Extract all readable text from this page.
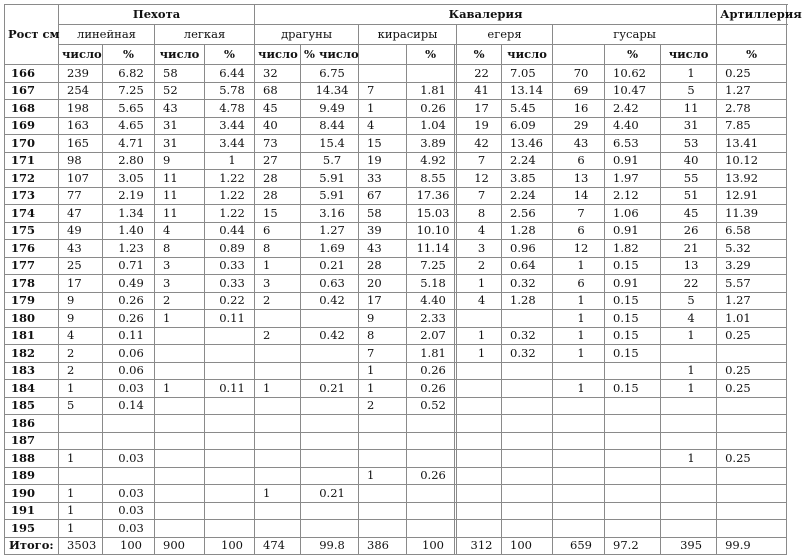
Рост см	Пехота				Кавалерия										Артиллерия
	линейная		легкая		драгуны		кирасиры			егеря		гусары			
	число	%	число	%	число	% число		%		%	число		%	число	%
166	239	6.82	58	6.44	32	6.75				22	7.05	70	10.62	1	0.25
167	254	7.25	52	5.78	68	14.34	7	1.81		41	13.14	69	10.47	5	1.27
168	198	5.65	43	4.78	45	9.49	1	0.26		17	5.45	16	2.42	11	2.78
169	163	4.65	31	3.44	40	8.44	4	1.04		19	6.09	29	4.40	31	7.85
170	165	4.71	31	3.44	73	15.4	15	3.89		42	13.46	43	6.53	53	13.41
171	98	2.80	9	1	27	5.7	19	4.92		7	2.24	6	0.91	40	10.12
172	107	3.05	11	1.22	28	5.91	33	8.55		12	3.85	13	1.97	55	13.92
173	77	2.19	11	1.22	28	5.91	67	17.36		7	2.24	14	2.12	51	12.91
174	47	1.34	11	1.22	15	3.16	58	15.03		8	2.56	7	1.06	45	11.39
175	49	1.40	4	0.44	6	1.27	39	10.10		4	1.28	6	0.91	26	6.58
176	43	1.23	8	0.89	8	1.69	43	11.14		3	0.96	12	1.82	21	5.32
177	25	0.71	3	0.33	1	0.21	28	7.25		2	0.64	1	0.15	13	3.29
178	17	0.49	3	0.33	3	0.63	20	5.18		1	0.32	6	0.91	22	5.57
179	9	0.26	2	0.22	2	0.42	17	4.40		4	1.28	1	0.15	5	1.27
180	9	0.26	1	0.11			9	2.33				1	0.15	4	1.01
181	4	0.11			2	0.42	8	2.07		1	0.32	1	0.15	1	0.25
182	2	0.06					7	1.81		1	0.32	1	0.15		
183	2	0.06					1	0.26						1	0.25
184	1	0.03	1	0.11	1	0.21	1	0.26				1	0.15	1	0.25
185	5	0.14					2	0.52							
186															
187															
188	1	0.03												1	0.25
189							1	0.26							
190	1	0.03			1	0.21									
191	1	0.03													
195	1	0.03													
Итого:	3503	100	900	100	474	99.8	386	100		312	100	659	97.2	395	99.9
